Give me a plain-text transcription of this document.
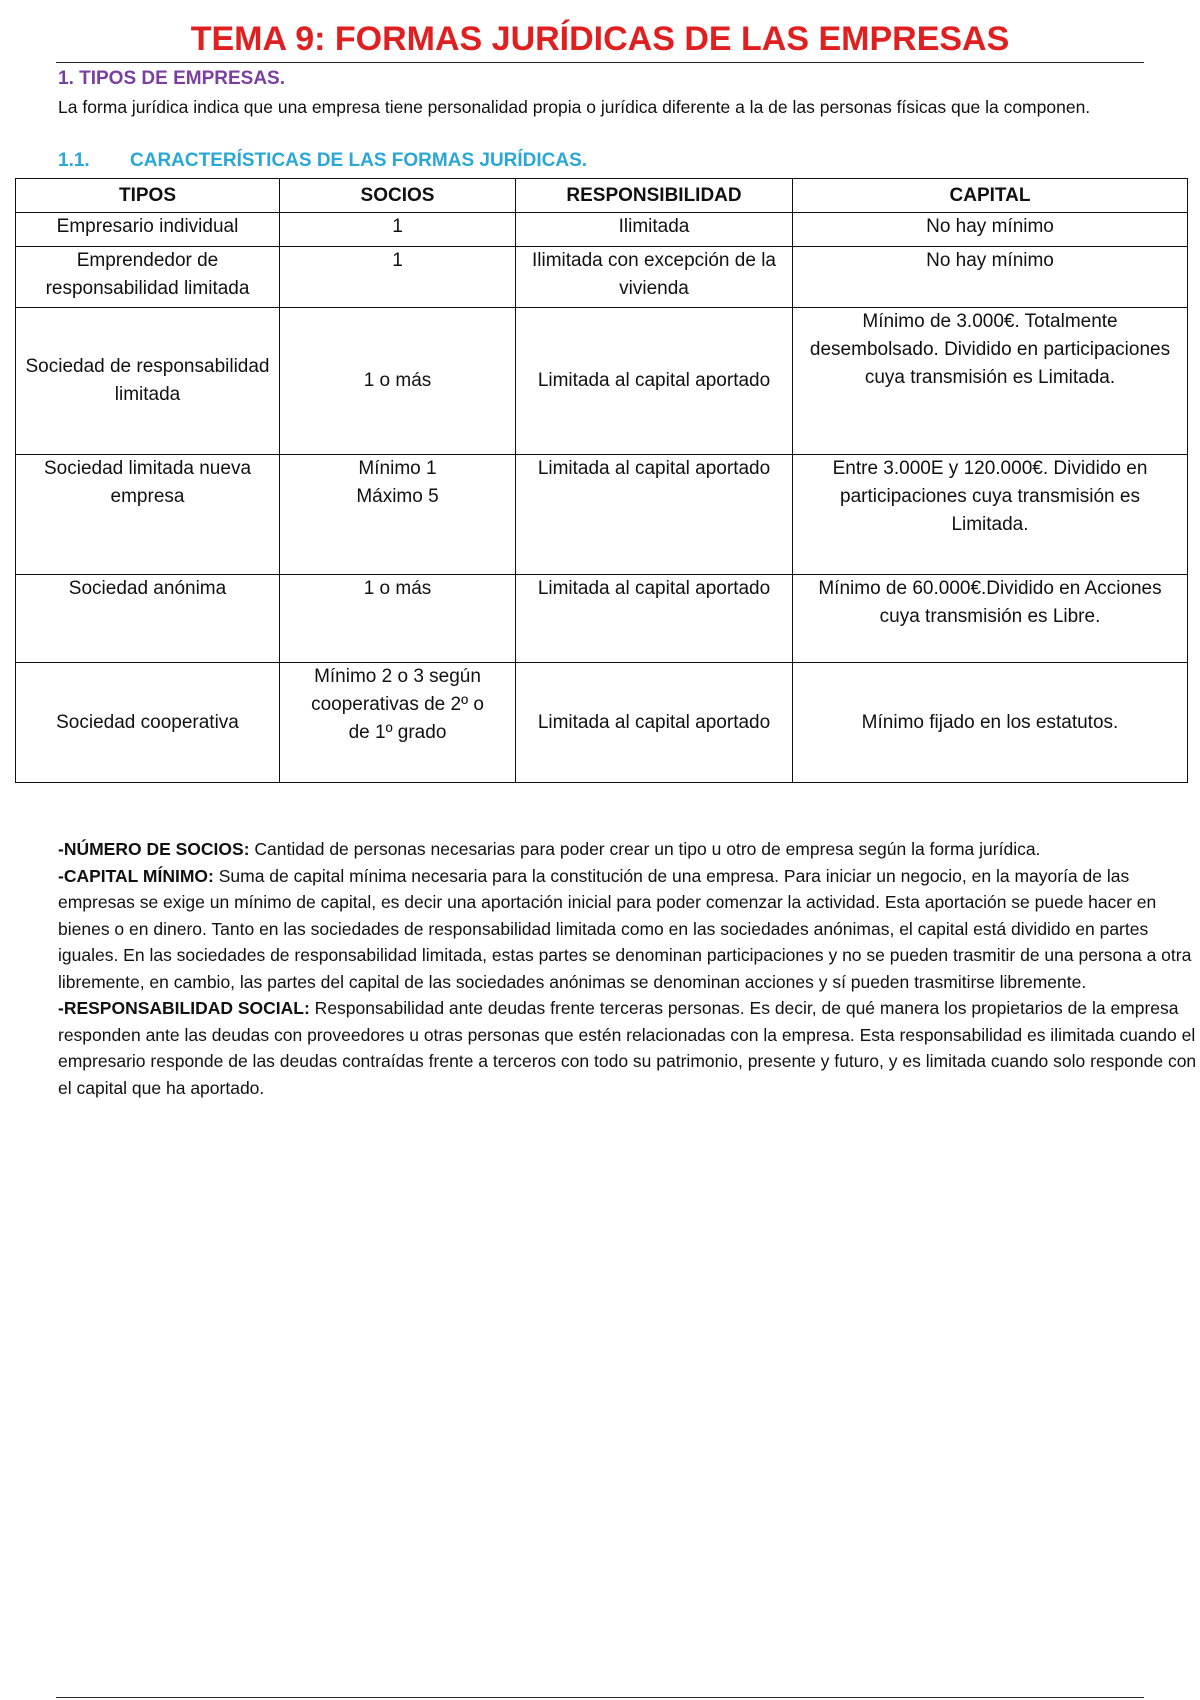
TEMA 9: FORMAS JURÍDICAS DE LAS EMPRESAS
1. TIPOS DE EMPRESAS.
La forma jurídica indica que una empresa tiene personalidad propia o jurídica diferente a la de las personas físicas que la componen.
1.1. CARACTERÍSTICAS DE LAS FORMAS JURÍDICAS.
TIPOS	SOCIOS	RESPONSIBILIDAD	CAPITAL
Empresario individual	1	Ilimitada	No hay mínimo
Emprendedor de responsabilidad limitada	1	Ilimitada con excepción de la vivienda	No hay mínimo
Sociedad de responsabilidad limitada	1 o más	Limitada al capital aportado	Mínimo de 3.000€. Totalmente desembolsado. Dividido en participaciones cuya transmisión es Limitada.
Sociedad limitada nueva empresa	Mínimo 1 Máximo 5	Limitada al capital aportado	Entre 3.000E y 120.000€. Dividido en participaciones cuya transmisión es Limitada.
Sociedad anónima	1 o más	Limitada al capital aportado	Mínimo de 60.000€.Dividido en Acciones cuya transmisión es Libre.
Sociedad cooperativa	Mínimo 2 o 3 según cooperativas de 2º o de 1º grado	Limitada al capital aportado	Mínimo fijado en los estatutos.

-NÚMERO DE SOCIOS: Cantidad de personas necesarias para poder crear un tipo u otro de empresa según la forma jurídica.

-CAPITAL MÍNIMO: Suma de capital mínima necesaria para la constitución de una empresa. Para iniciar un negocio, en la mayoría de las empresas se exige un mínimo de capital, es decir una aportación inicial para poder comenzar la actividad. Esta aportación se puede hacer en bienes o en dinero. Tanto en las sociedades de responsabilidad limitada como en las sociedades anónimas, el capital está dividido en partes iguales. En las sociedades de responsabilidad limitada, estas partes se denominan participaciones y no se pueden trasmitir de una persona a otra libremente, en cambio, las partes del capital de las sociedades anónimas se denominan acciones y sí pueden trasmitirse libremente.

-RESPONSABILIDAD SOCIAL: Responsabilidad ante deudas frente terceras personas. Es decir, de qué manera los propietarios de la empresa responden ante las deudas con proveedores u otras personas que estén relacionadas con la empresa. Esta responsabilidad es ilimitada cuando el empresario responde de las deudas contraídas frente a terceros con todo su patrimonio, presente y futuro, y es limitada cuando solo responde con el capital que ha aportado.
